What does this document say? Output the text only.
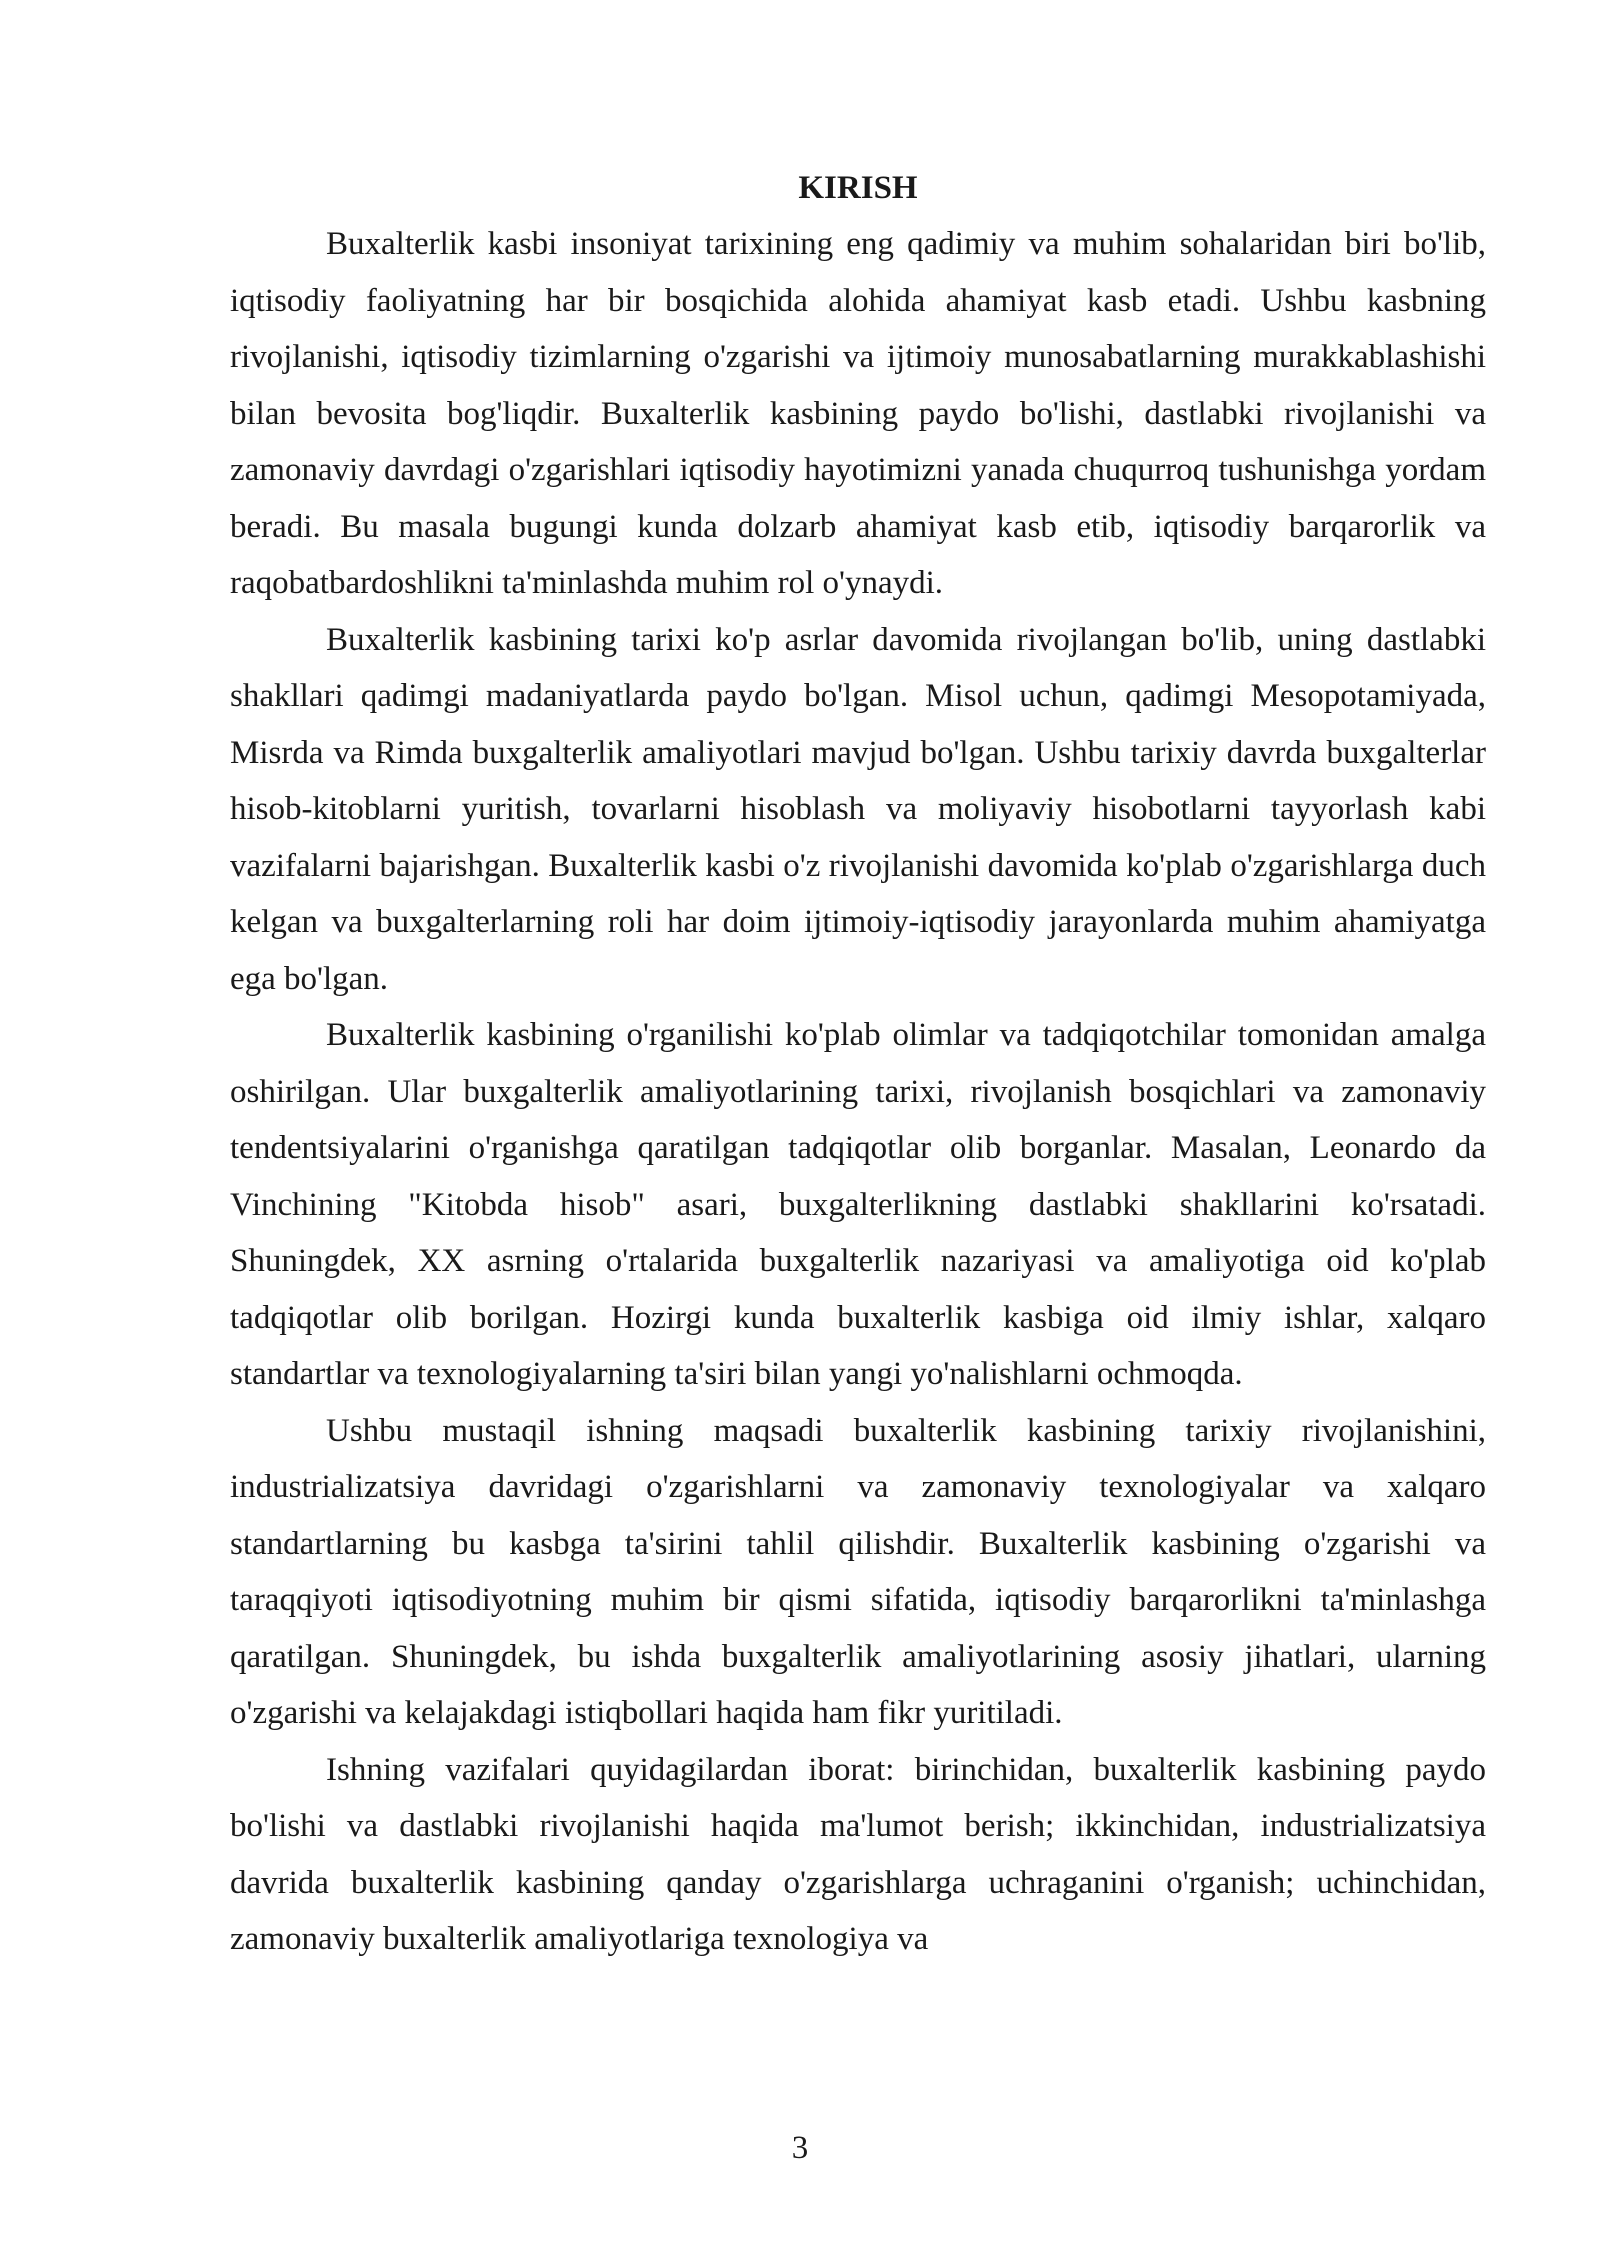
KIRISH

Buxalterlik kasbi insoniyat tarixining eng qadimiy va muhim sohalaridan biri bo'lib, iqtisodiy faoliyatning har bir bosqichida alohida ahamiyat kasb etadi. Ushbu kasbning rivojlanishi, iqtisodiy tizimlarning o'zgarishi va ijtimoiy munosabatlarning murakkablashishi bilan bevosita bog'liqdir. Buxalterlik kasbining paydo bo'lishi, dastlabki rivojlanishi va zamonaviy davrdagi o'zgarishlari iqtisodiy hayotimizni yanada chuqurroq tushunishga yordam beradi. Bu masala bugungi kunda dolzarb ahamiyat kasb etib, iqtisodiy barqarorlik va raqobatbardoshlikni ta'minlashda muhim rol o'ynaydi.

Buxalterlik kasbining tarixi ko'p asrlar davomida rivojlangan bo'lib, uning dastlabki shakllari qadimgi madaniyatlarda paydo bo'lgan. Misol uchun, qadimgi Mesopotamiyada, Misrda va Rimda buxgalterlik amaliyotlari mavjud bo'lgan. Ushbu tarixiy davrda buxgalterlar hisob-kitoblarni yuritish, tovarlarni hisoblash va moliyaviy hisobotlarni tayyorlash kabi vazifalarni bajarishgan. Buxalterlik kasbi o'z rivojlanishi davomida ko'plab o'zgarishlarga duch kelgan va buxgalterlarning roli har doim ijtimoiy-iqtisodiy jarayonlarda muhim ahamiyatga ega bo'lgan.

Buxalterlik kasbining o'rganilishi ko'plab olimlar va tadqiqotchilar tomonidan amalga oshirilgan. Ular buxgalterlik amaliyotlarining tarixi, rivojlanish bosqichlari va zamonaviy tendentsiyalarini o'rganishga qaratilgan tadqiqotlar olib borganlar. Masalan, Leonardo da Vinchining "Kitobda hisob" asari, buxgalterlikning dastlabki shakllarini ko'rsatadi. Shuningdek, XX asrning o'rtalarida buxgalterlik nazariyasi va amaliyotiga oid ko'plab tadqiqotlar olib borilgan. Hozirgi kunda buxalterlik kasbiga oid ilmiy ishlar, xalqaro standartlar va texnologiyalarning ta'siri bilan yangi yo'nalishlarni ochmoqda.

Ushbu mustaqil ishning maqsadi buxalterlik kasbining tarixiy rivojlanishini, industrializatsiya davridagi o'zgarishlarni va zamonaviy texnologiyalar va xalqaro standartlarning bu kasbga ta'sirini tahlil qilishdir. Buxalterlik kasbining o'zgarishi va taraqqiyoti iqtisodiyotning muhim bir qismi sifatida, iqtisodiy barqarorlikni ta'minlashga qaratilgan. Shuningdek, bu ishda buxgalterlik amaliyotlarining asosiy jihatlari, ularning o'zgarishi va kelajakdagi istiqbollari haqida ham fikr yuritiladi.

Ishning vazifalari quyidagilardan iborat: birinchidan, buxalterlik kasbining paydo bo'lishi va dastlabki rivojlanishi haqida ma'lumot berish; ikkinchidan, industrializatsiya davrida buxalterlik kasbining qanday o'zgarishlarga uchraganini o'rganish; uchinchidan, zamonaviy buxalterlik amaliyotlariga texnologiya va

3
